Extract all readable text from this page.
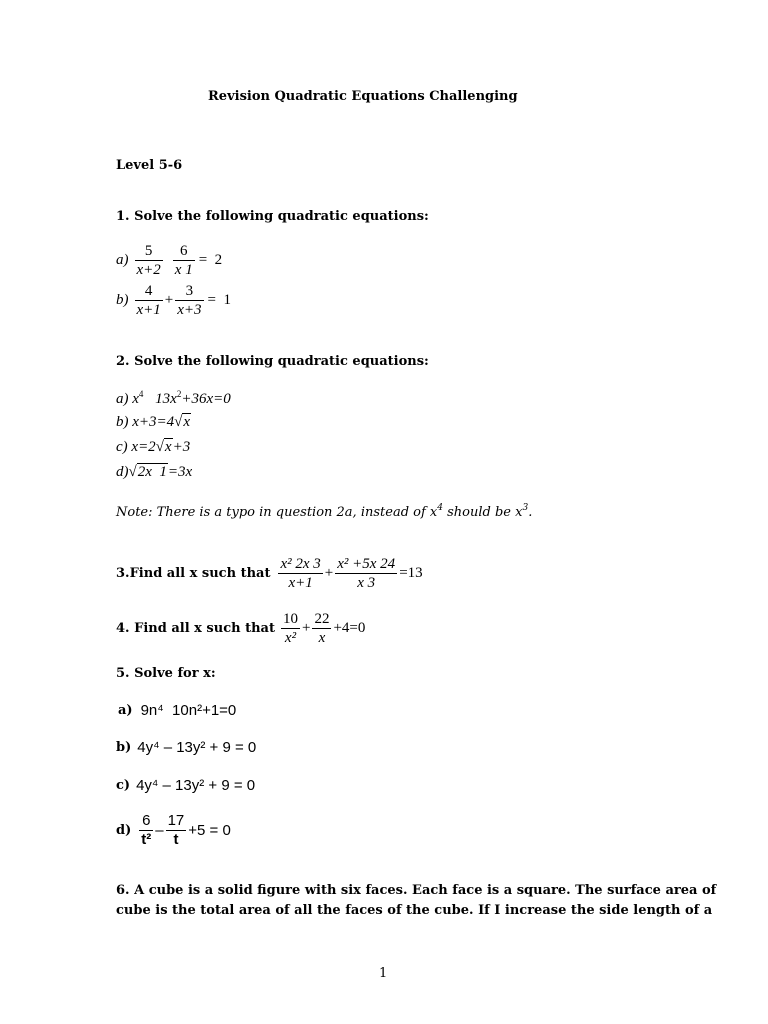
Revision Quadratic Equations Challenging
Level 5-6
1. Solve the following quadratic equations:
$a) \frac{5}{x+2} \frac{6}{x 1} = 2$
$b) \frac{4}{x+1} + \frac{3}{x+3} = 1$
2. Solve the following quadratic equations:
a) $x^4$ $13x^2+36x=0$
b) x+3=4√x
c) x=2√x+3
d)√2x  1=3x
Note: There is a typo in question 2a, instead of $x^4$ should be $x^3$.
3.Find all x such that $\frac{\text{x² 2x 3}}{x+1} + \frac{\text{x² +5x 24}}{x 3} =13$
4. Find all x such that $\frac{10}{\text{x²}} + \frac{22}{x} +4=0$
5. Solve for x:
a) 9n⁴  10n²+1=0
b) 4y⁴ – 13y² + 9 = 0
c) 4y⁴ – 13y² + 9 = 0
$d) \frac{6}{\text{t²}} - \frac{17}{t} +5 = 0$
6. A cube is a solid figure with six faces. Each face is a square. The surface area of
cube is the total area of all the faces of the cube. If I increase the side length of a
1
